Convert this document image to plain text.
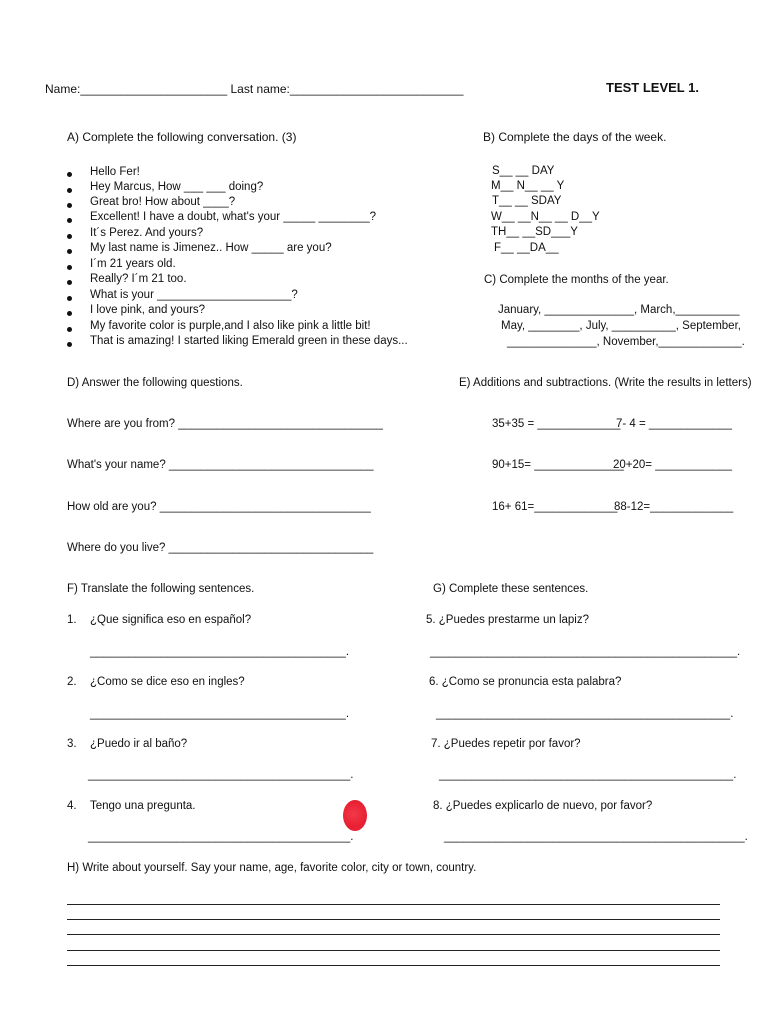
Name:______________________ Last name:__________________________	TEST LEVEL 1.
A) Complete the following conversation. (3)
Hello Fer!
Hey Marcus, How ___ ___ doing?
Great bro! How about ____?
Excellent! I have a doubt, what's your _____ ________?
It´s Perez. And yours?
My last name is Jimenez.. How _____ are you?
I´m 21 years old.
Really? I´m 21 too.
What is your _____________________?
I love pink, and yours?
My favorite color is purple,and I also like pink a little bit!
That is amazing! I started liking Emerald green in these days...
B) Complete the days of the week.
S__ __ DAY
M__ N__ __ Y
T__ __ SDAY
W__ __N__ __ D__Y
TH__ __SD___Y
F__ __DA__
C) Complete the months of the year.
January, ______________, March,__________
May, ________, July, __________, September,
______________, November,_____________.
D) Answer the following questions.
Where are you from? ________________________________
What's your name? ________________________________
How old are you? _________________________________
Where do you live? ________________________________
E) Additions and subtractions. (Write the results in letters)
35+35 = _____________
7- 4 = _____________
90+15= ______________
20+20= ____________
16+ 61=_____________
88-12=_____________
F) Translate the following sentences.
1. ¿Que significa eso en español?
________________________________________.
2. ¿Como se dice eso en ingles?
________________________________________.
3. ¿Puedo ir al baño?
_________________________________________.
4. Tengo una pregunta.
_________________________________________.
G) Complete these sentences.
5. ¿Puedes prestarme un lapiz?
________________________________________________.
6. ¿Como se pronuncia esta palabra?
______________________________________________.
7. ¿Puedes repetir por favor?
______________________________________________.
8. ¿Puedes explicarlo de nuevo, por favor?
_______________________________________________.
H) Write about yourself. Say your name, age, favorite color, city or town, country.
